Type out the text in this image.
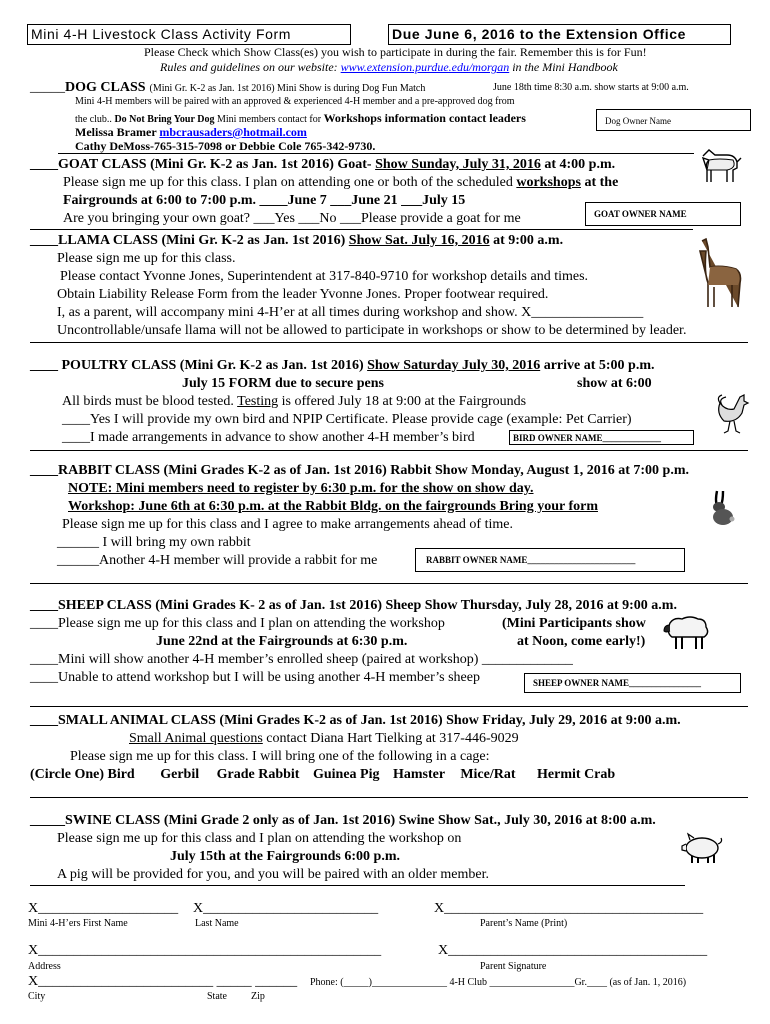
Mini 4-H Livestock Class Activity Form	Due June 6, 2016 to the Extension Office
Please Check which Show Class(es) you wish to participate in during the fair. Remember this is for Fun!
Rules and guidelines on our website: www.extension.purdue.edu/morgan in the Mini Handbook
_____DOG CLASS (Mini Gr. K-2 as Jan. 1st 2016) Mini Show is during Dog Fun Match	June 18th time 8:30 a.m. show starts at 9:00 a.m.
Mini 4-H members will be paired with an approved & experienced 4-H member and a pre-approved dog from
the club.. Do Not Bring Your Dog Mini members contact for Workshops information contact leaders
Melissa Bramer mbcrausaders@hotmail.com
Cathy DeMoss-765-315-7098 or Debbie Cole 765-342-9730.
Dog Owner Name
____GOAT CLASS (Mini Gr. K-2 as Jan. 1st 2016) Goat- Show Sunday, July 31, 2016 at 4:00 p.m.
Please sign me up for this class. I plan on attending one or both of the scheduled workshops at the
Fairgrounds at 6:00 to 7:00 p.m. ____June 7 ___June 21 ___July 15
Are you bringing your own goat? ___Yes ___No ___Please provide a goat for me	GOAT OWNER NAME
____LLAMA CLASS (Mini Gr. K-2 as Jan. 1st 2016) Show Sat. July 16, 2016 at 9:00 a.m.
Please sign me up for this class.
Please contact Yvonne Jones, Superintendent at 317-840-9710 for workshop details and times.
Obtain Liability Release Form from the leader Yvonne Jones. Proper footwear required.
I, as a parent, will accompany mini 4-H’er at all times during workshop and show. X________________
Uncontrollable/unsafe llama will not be allowed to participate in workshops or show to be determined by leader.
____ POULTRY CLASS (Mini Gr. K-2 as Jan. 1st 2016) Show Saturday July 30, 2016 arrive at 5:00 p.m.
July 15 FORM due to secure pens	show at 6:00
All birds must be blood tested. Testing is offered July 18 at 9:00 at the Fairgrounds
____Yes I will provide my own bird and NPIP Certificate. Please provide cage (example: Pet Carrier)
____I made arrangements in advance to show another 4-H member’s bird	BIRD OWNER NAME_____________
____RABBIT CLASS (Mini Grades K-2 as of Jan. 1st 2016) Rabbit Show Monday, August 1, 2016 at 7:00 p.m.
NOTE: Mini members need to register by 6:30 p.m. for the show on show day.
Workshop: June 6th at 6:30 p.m. at the Rabbit Bldg. on the fairgrounds Bring your form
Please sign me up for this class and I agree to make arrangements ahead of time.
______ I will bring my own rabbit
______Another 4-H member will provide a rabbit for me	RABBIT OWNER NAME________________________
____SHEEP CLASS (Mini Grades K- 2 as of Jan. 1st 2016) Sheep Show Thursday, July 28, 2016 at 9:00 a.m.
____Please sign me up for this class and I plan on attending the workshop	(Mini Participants show
June 22nd at the Fairgrounds at 6:30 p.m.	at Noon, come early!)
____Mini will show another 4-H member’s enrolled sheep (paired at workshop) _____________
____Unable to attend workshop but I will be using another 4-H member’s sheep	SHEEP OWNER NAME________________
____SMALL ANIMAL CLASS (Mini Grades K-2 as of Jan. 1st 2016) Show Friday, July 29, 2016 at 9:00 a.m.
Small Animal questions contact Diana Hart Tielking at 317-446-9029
Please sign me up for this class. I will bring one of the following in a cage:
(Circle One) Bird Gerbil Grade Rabbit Guinea Pig Hamster Mice/Rat Hermit Crab
_____SWINE CLASS (Mini Grade 2 only as of Jan. 1st 2016) Swine Show Sat., July 30, 2016 at 8:00 a.m.
Please sign me up for this class and I plan on attending the workshop on
July 15th at the Fairgrounds 6:00 p.m.
A pig will be provided for you, and you will be paired with an older member.
X____________________ X_________________________	X_____________________________________
Mini 4-H’ers First Name	Last Name	Parent’s Name (Print)
X_________________________________________________	X_____________________________________
Address	Parent Signature
X_________________________ _____ ______ Phone: (_____)_______________ 4-H Club _________________Gr.____ (as of Jan. 1, 2016)
City	State Zip
